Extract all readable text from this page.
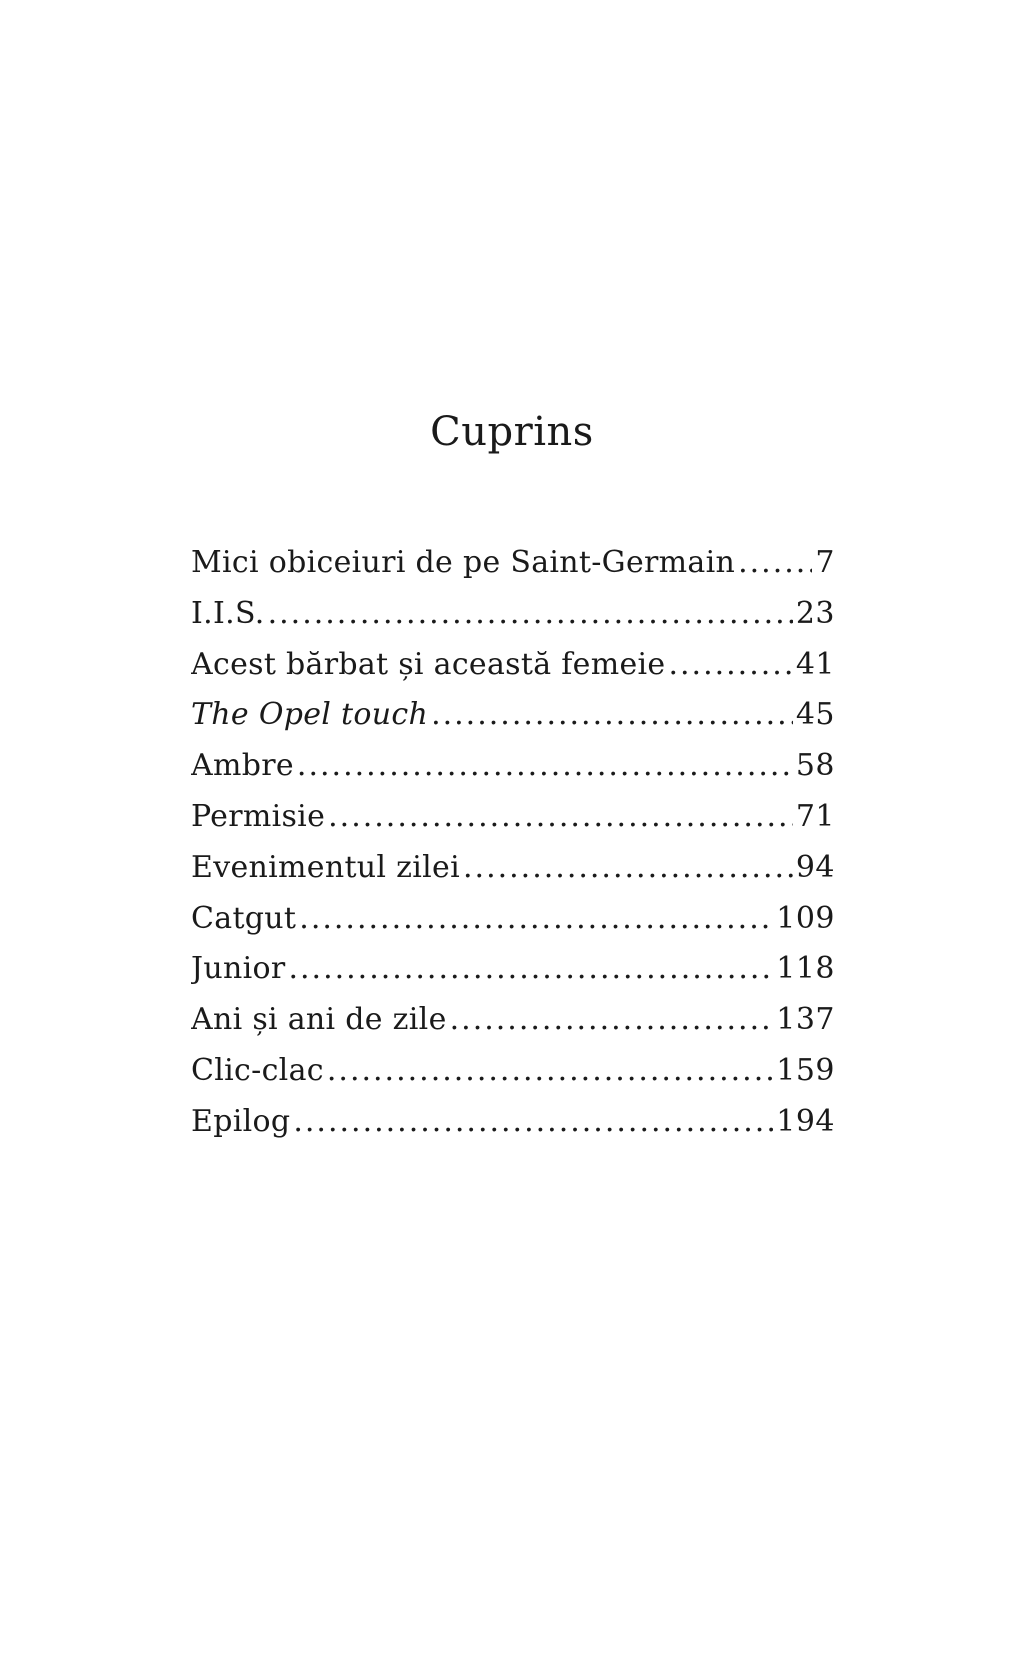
Cuprins
Mici obiceiuri de pe Saint-Germain .....	7
I.I.S. .....	23
Acest bărbat și această femeie .....	41
The Opel touch .....	45
Ambre .....	58
Permisie .....	71
Evenimentul zilei .....	94
Catgut .....	109
Junior .....	118
Ani și ani de zile .....	137
Clic-clac .....	159
Epilog .....	194
